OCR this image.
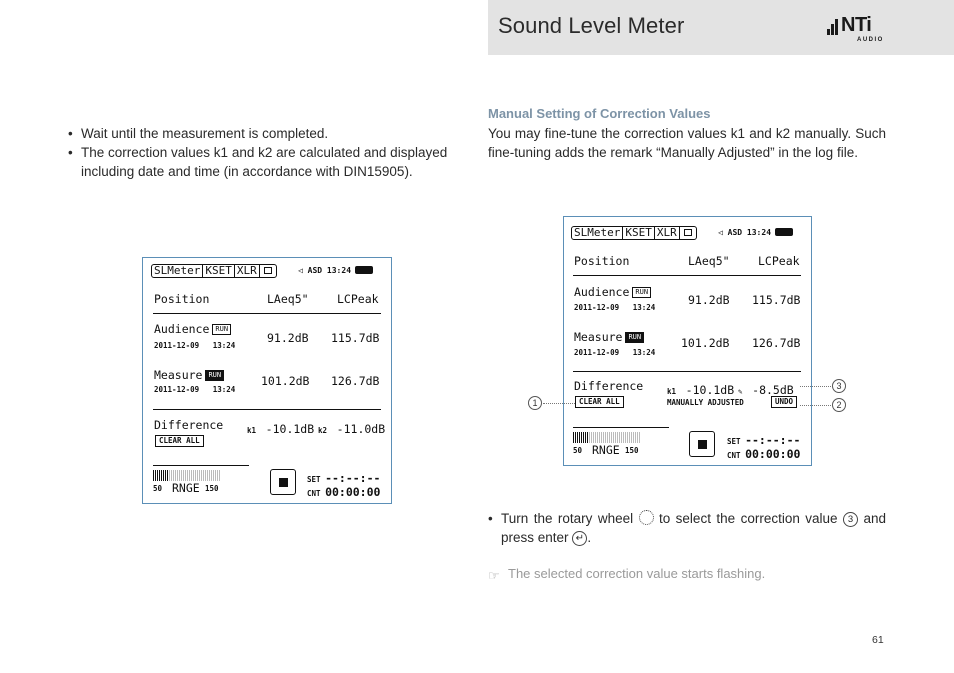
Sound Level Meter	NTi
AUDIO
• Wait until the measurement is completed.
• The correction values k1 and k2 are calculated and displayed including date and time (in accordance with DIN15905).
Manual Setting of Correction Values
You may fine-tune the correction values k1 and k2 manually. Such fine-tuning adds the remark “Manually Adjusted” in the log file.
SLMeter KSET XLR	◁ ASD 13:24
Position	LAeq5" LCPeak
Audience RUN
2011-12-09 13:24
91.2dB 115.7dB
Measure RUN
2011-12-09 13:24
101.2dB 126.7dB
Difference	k1 -10.1dB k2 -11.0dB
CLEAR ALL
50 RNGE 150
SET --:--:--
CNT 00:00:00
SLMeter KSET XLR	◁ ASD 13:24
Position	LAeq5" LCPeak
Audience RUN
2011-12-09 13:24
91.2dB 115.7dB
Measure RUN
2011-12-09 13:24
101.2dB 126.7dB
Difference	k1 -10.1dB ✎ -8.5dB
CLEAR ALL	MANUALLY ADJUSTED	UNDO
50 RNGE 150
SET --:--:--
CNT 00:00:00
1
3
2
• Turn the rotary wheel to select the correction value 3 and press enter ↵ .
☞ The selected correction value starts flashing.
61
